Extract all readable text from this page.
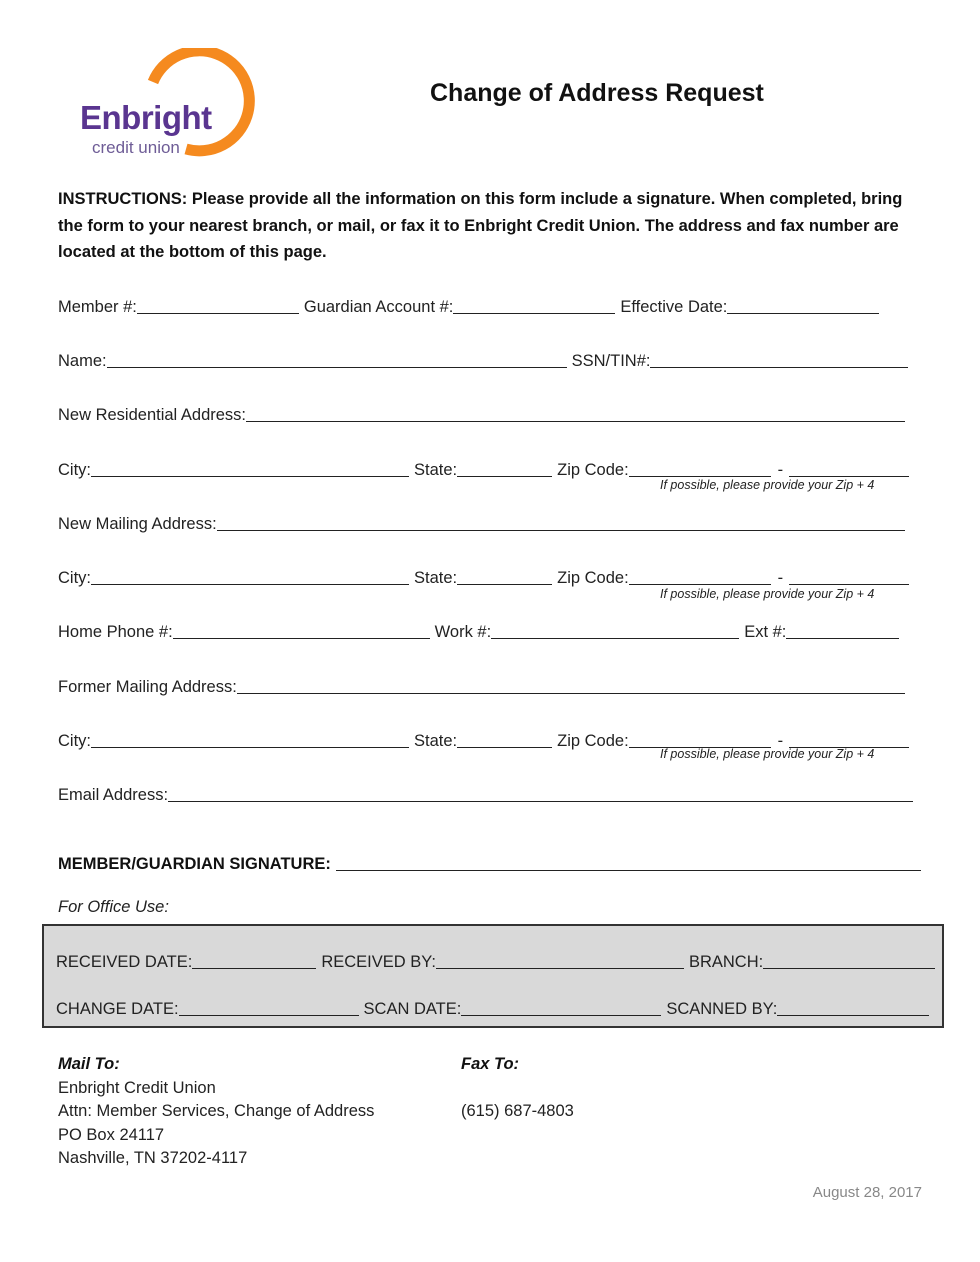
Enbright
credit union
Change of Address Request
INSTRUCTIONS: Please provide all the information on this form include a signature. When completed, bring the form to your nearest branch, or mail, or fax it to Enbright Credit Union. The address and fax number are located at the bottom of this page.
Member #:	Guardian Account #:	Effective Date:
Name:	SSN/TIN#:
New Residential Address:
City:	State:	Zip Code:	-
If possible, please provide your Zip + 4
New Mailing Address:
City:	State:	Zip Code:	-
If possible, please provide your Zip + 4
Home Phone #:	Work #:	Ext #:
Former Mailing Address:
City:	State:	Zip Code:	-
If possible, please provide your Zip + 4
Email Address:
MEMBER/GUARDIAN SIGNATURE:
For Office Use:
RECEIVED DATE:	RECEIVED BY:	BRANCH:
CHANGE DATE:	SCAN DATE:	SCANNED BY:
Mail To:
Enbright Credit Union
Attn: Member Services, Change of Address
PO Box 24117
Nashville, TN 37202-4117
Fax To:
(615) 687-4803
August 28, 2017
